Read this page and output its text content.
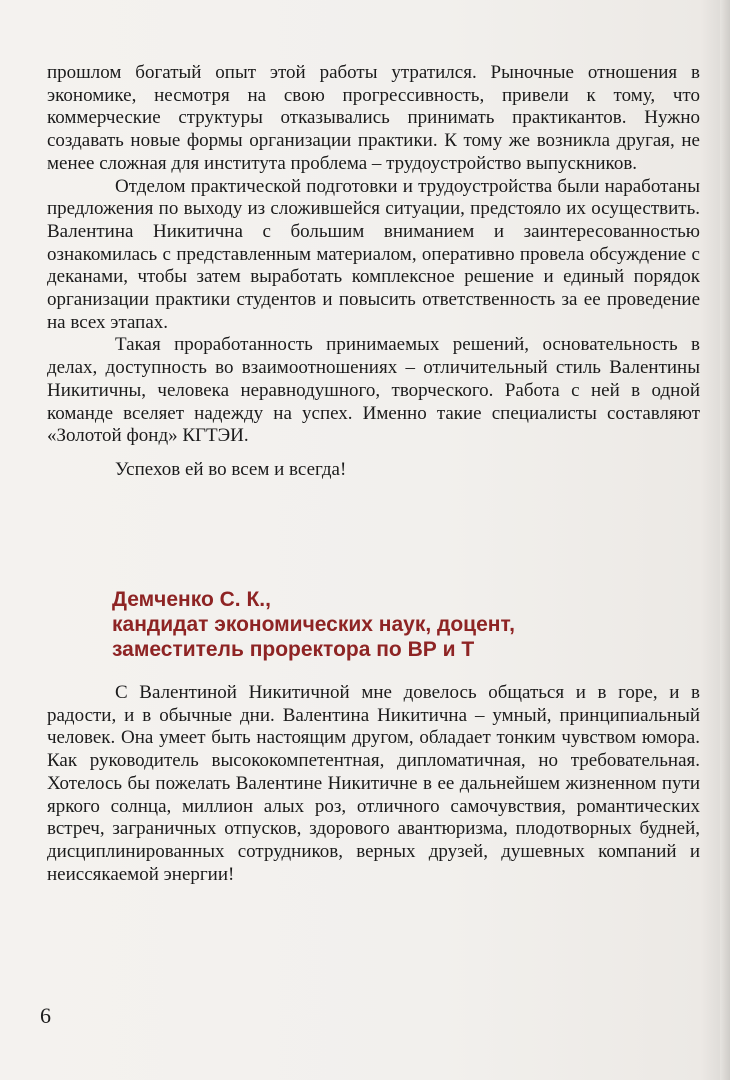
прошлом богатый опыт этой работы утратился. Рыночные отношения в экономике, несмотря на свою прогрессивность, привели к тому, что коммерческие структуры отказывались принимать практикантов. Нужно создавать новые формы организации практики. К тому же возникла другая, не менее сложная для института проблема – трудоустройство выпускников.

Отделом практической подготовки и трудоустройства были наработаны предложения по выходу из сложившейся ситуации, предстояло их осуществить. Валентина Никитична с большим вниманием и заинтересованностью ознакомилась с представленным материалом, оперативно провела обсуждение с деканами, чтобы затем выработать комплексное решение и единый порядок организации практики студентов и повысить ответственность за ее проведение на всех этапах.

Такая проработанность принимаемых решений, основательность в делах, доступность во взаимоотношениях – отличительный стиль Валентины Никитичны, человека неравнодушного, творческого. Работа с ней в одной команде вселяет надежду на успех. Именно такие специалисты составляют «Золотой фонд» КГТЭИ.

Успехов ей во всем и всегда!

Демченко С. К.,
кандидат экономических наук, доцент,
заместитель проректора по ВР и Т

С Валентиной Никитичной мне довелось общаться и в горе, и в радости, и в обычные дни. Валентина Никитична – умный, принципиальный человек. Она умеет быть настоящим другом, обладает тонким чувством юмора. Как руководитель высококомпетентная, дипломатичная, но требовательная. Хотелось бы пожелать Валентине Никитичне в ее дальнейшем жизненном пути яркого солнца, миллион алых роз, отличного самочувствия, романтических встреч, заграничных отпусков, здорового авантюризма, плодотворных будней, дисциплинированных сотрудников, верных друзей, душевных компаний и неиссякаемой энергии!

6
